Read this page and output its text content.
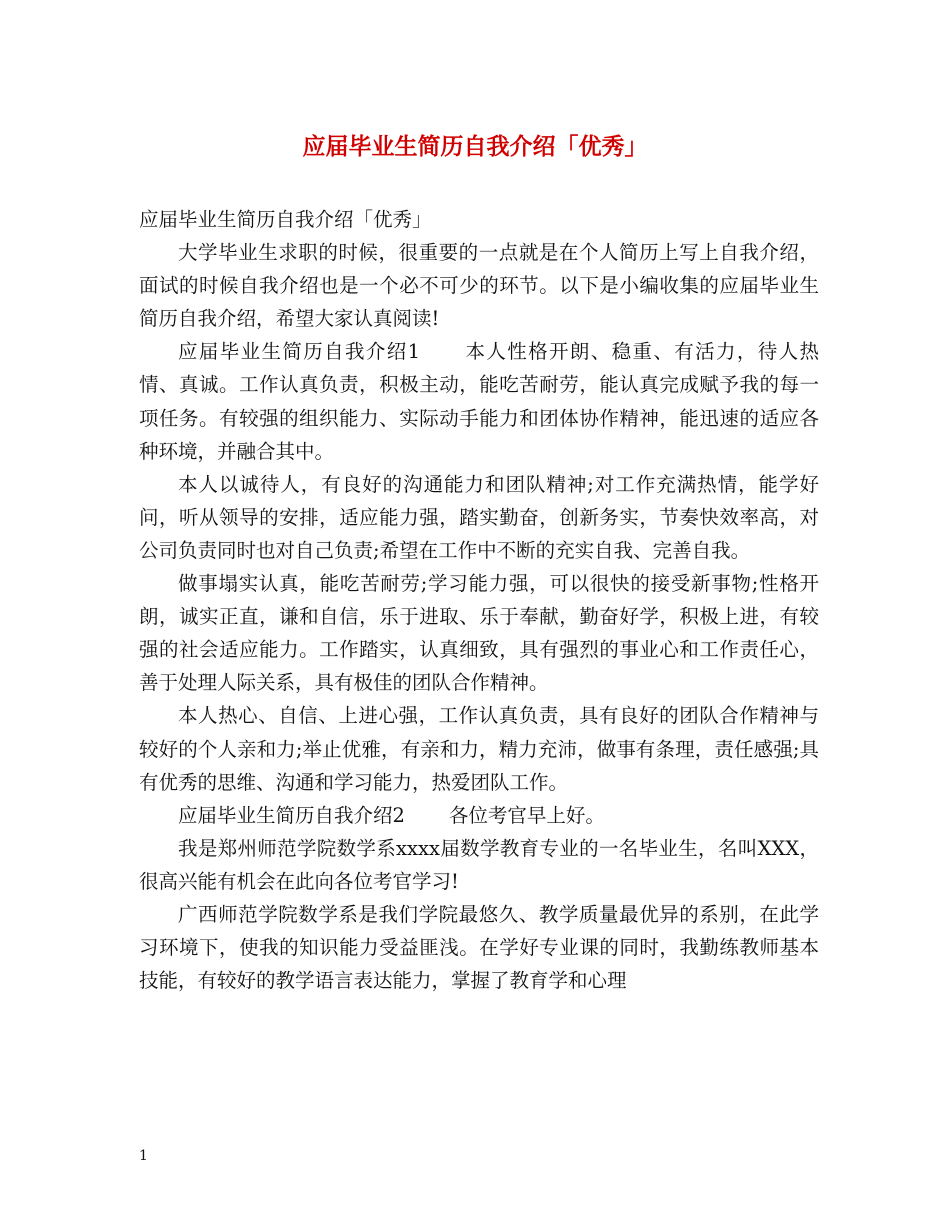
应届毕业生简历自我介绍「优秀」

应届毕业生简历自我介绍「优秀」

大学毕业生求职的时候，很重要的一点就是在个人简历上写上自我介绍，面试的时候自我介绍也是一个必不可少的环节。以下是小编收集的应届毕业生简历自我介绍，希望大家认真阅读!

应届毕业生简历自我介绍1 本人性格开朗、稳重、有活力，待人热情、真诚。工作认真负责，积极主动，能吃苦耐劳，能认真完成赋予我的每一项任务。有较强的组织能力、实际动手能力和团体协作精神，能迅速的适应各种环境，并融合其中。

本人以诚待人，有良好的沟通能力和团队精神;对工作充满热情，能学好问，听从领导的安排，适应能力强，踏实勤奋，创新务实，节奏快效率高，对公司负责同时也对自己负责;希望在工作中不断的充实自我、完善自我。

做事塌实认真，能吃苦耐劳;学习能力强，可以很快的接受新事物;性格开朗，诚实正直，谦和自信，乐于进取、乐于奉献，勤奋好学，积极上进，有较强的社会适应能力。工作踏实，认真细致，具有强烈的事业心和工作责任心，善于处理人际关系，具有极佳的团队合作精神。

本人热心、自信、上进心强，工作认真负责，具有良好的团队合作精神与较好的个人亲和力;举止优雅，有亲和力，精力充沛，做事有条理，责任感强;具有优秀的思维、沟通和学习能力，热爱团队工作。

应届毕业生简历自我介绍2 各位考官早上好。

我是郑州师范学院数学系xxxx届数学教育专业的一名毕业生，名叫XXX，很高兴能有机会在此向各位考官学习!

广西师范学院数学系是我们学院最悠久、教学质量最优异的系别，在此学习环境下，使我的知识能力受益匪浅。在学好专业课的同时，我勤练教师基本技能，有较好的教学语言表达能力，掌握了教育学和心理

1
